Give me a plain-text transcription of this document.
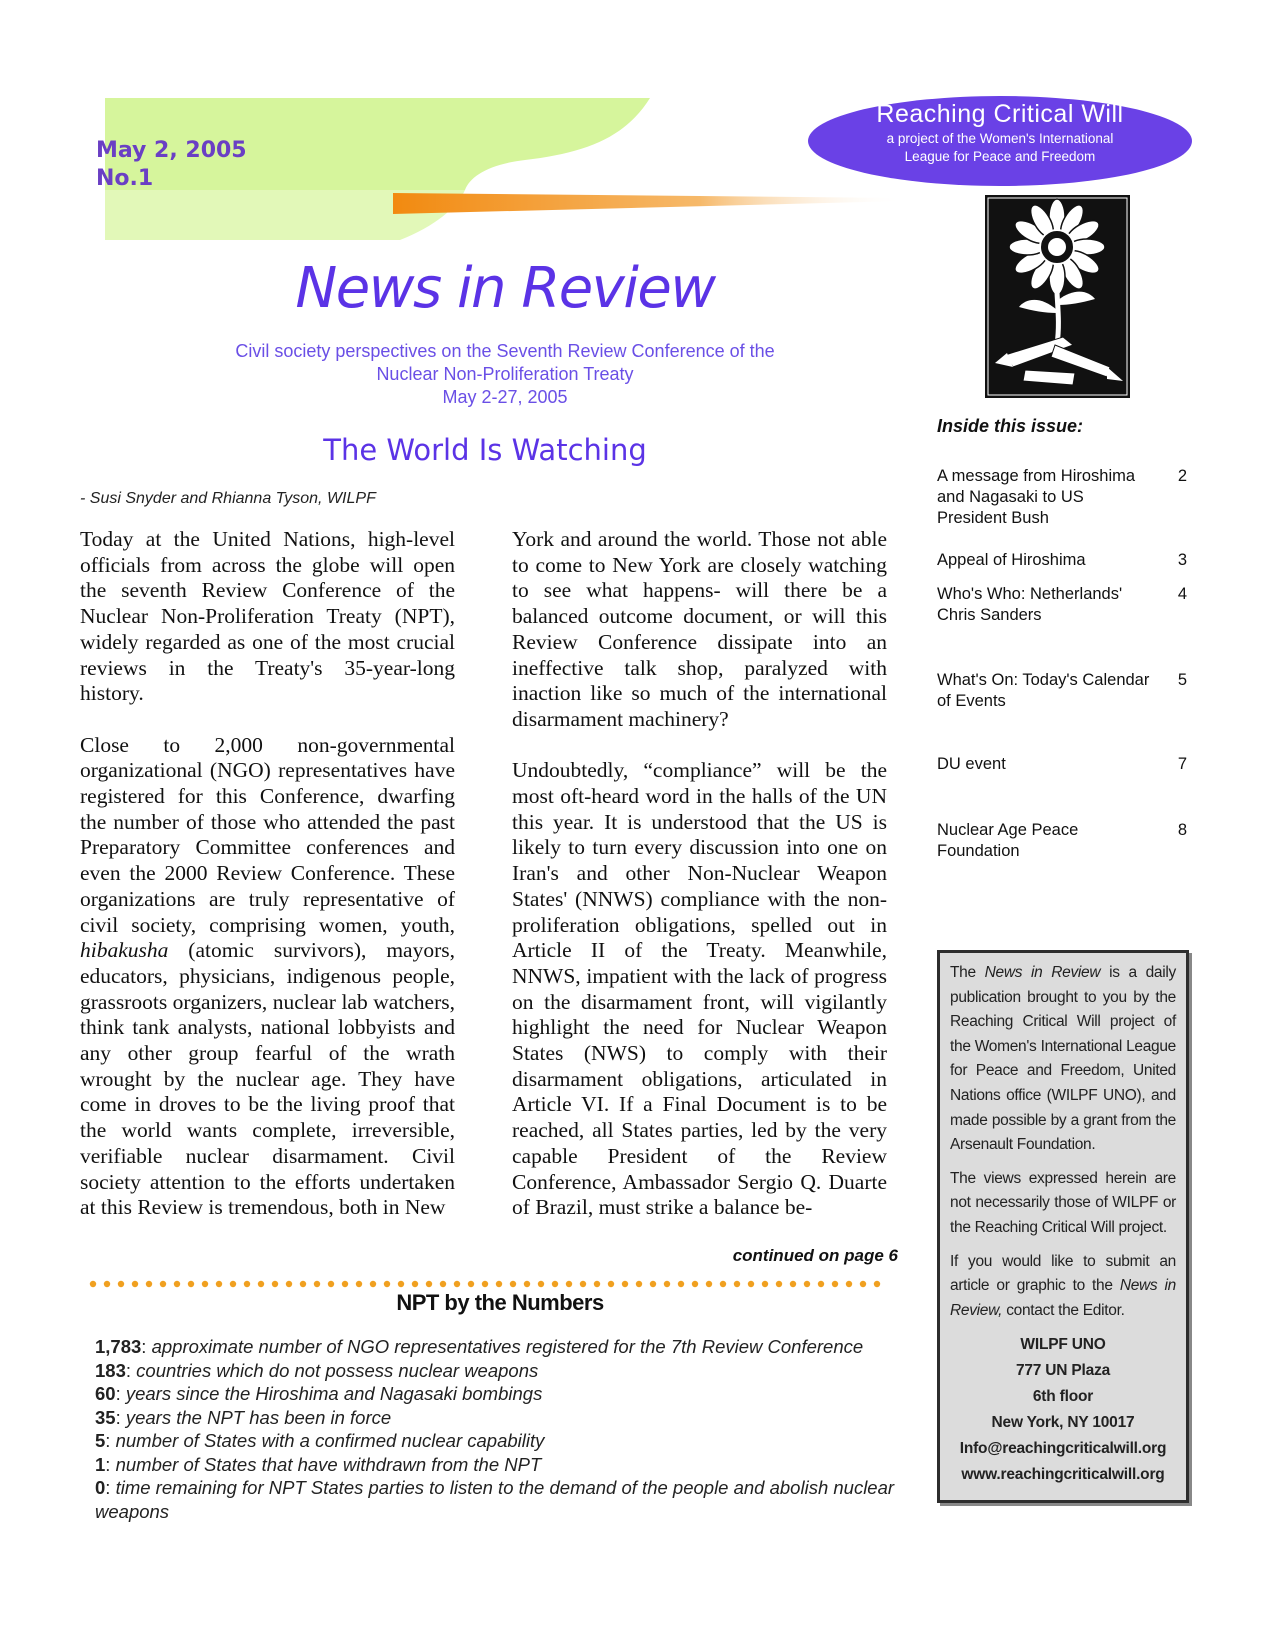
May 2, 2005
No.1
Reaching Critical Will
a project of the Women's International
League for Peace and Freedom
News in Review
Civil society perspectives on the Seventh Review Conference of the
Nuclear Non-Proliferation Treaty
May 2-27, 2005
The World Is Watching
- Susi Snyder and Rhianna Tyson, WILPF

Today at the United Nations, high-level officials from across the globe will open the seventh Review Conference of the Nuclear Non-Proliferation Treaty (NPT), widely regarded as one of the most crucial reviews in the Treaty's 35-year-long history.

Close to 2,000 non-governmental organizational (NGO) representatives have registered for this Conference, dwarfing the number of those who attended the past Preparatory Committee conferences and even the 2000 Review Conference. These organizations are truly representative of civil society, comprising women, youth, hibakusha (atomic survivors), mayors, educators, physicians, indigenous people, grassroots organizers, nuclear lab watchers, think tank analysts, national lobbyists and any other group fearful of the wrath wrought by the nuclear age. They have come in droves to be the living proof that the world wants complete, irreversible, verifiable nuclear disarmament. Civil society attention to the efforts undertaken at this Review is tremendous, both in New

York and around the world. Those not able to come to New York are closely watching to see what happens- will there be a balanced outcome document, or will this Review Conference dissipate into an ineffective talk shop, paralyzed with inaction like so much of the international disarmament machinery?

Undoubtedly, “compliance” will be the most oft-heard word in the halls of the UN this year. It is understood that the US is likely to turn every discussion into one on Iran's and other Non-Nuclear Weapon States' (NNWS) compliance with the non-proliferation obligations, spelled out in Article II of the Treaty. Meanwhile, NNWS, impatient with the lack of progress on the disarmament front, will vigilantly highlight the need for Nuclear Weapon States (NWS) to comply with their disarmament obligations, articulated in Article VI. If a Final Document is to be reached, all States parties, led by the very capable President of the Review Conference, Ambassador Sergio Q. Duarte of Brazil, must strike a balance be-

continued on page 6
NPT by the Numbers
1,783: approximate number of NGO representatives registered for the 7th Review Conference
183: countries which do not possess nuclear weapons
60: years since the Hiroshima and Nagasaki bombings
35: years the NPT has been in force
5: number of States with a confirmed nuclear capability
1: number of States that have withdrawn from the NPT
0: time remaining for NPT States parties to listen to the demand of the people and abolish nuclear weapons
Inside this issue:
A message from Hiroshima and Nagasaki to US President Bush
2
Appeal of Hiroshima	3
Who's Who: Netherlands' Chris Sanders
4
What's On: Today's Calendar of Events
5
DU event	7
Nuclear Age Peace Foundation
8

The News in Review is a daily publication brought to you by the Reaching Critical Will project of the Women's International League for Peace and Freedom, United Nations office (WILPF UNO), and made possible by a grant from the Arsenault Foundation.

The views expressed herein are not necessarily those of WILPF or the Reaching Critical Will project.

If you would like to submit an article or graphic to the News in Review, contact the Editor.

WILPF UNO
777 UN Plaza
6th floor
New York, NY 10017
Info@reachingcriticalwill.org
www.reachingcriticalwill.org
